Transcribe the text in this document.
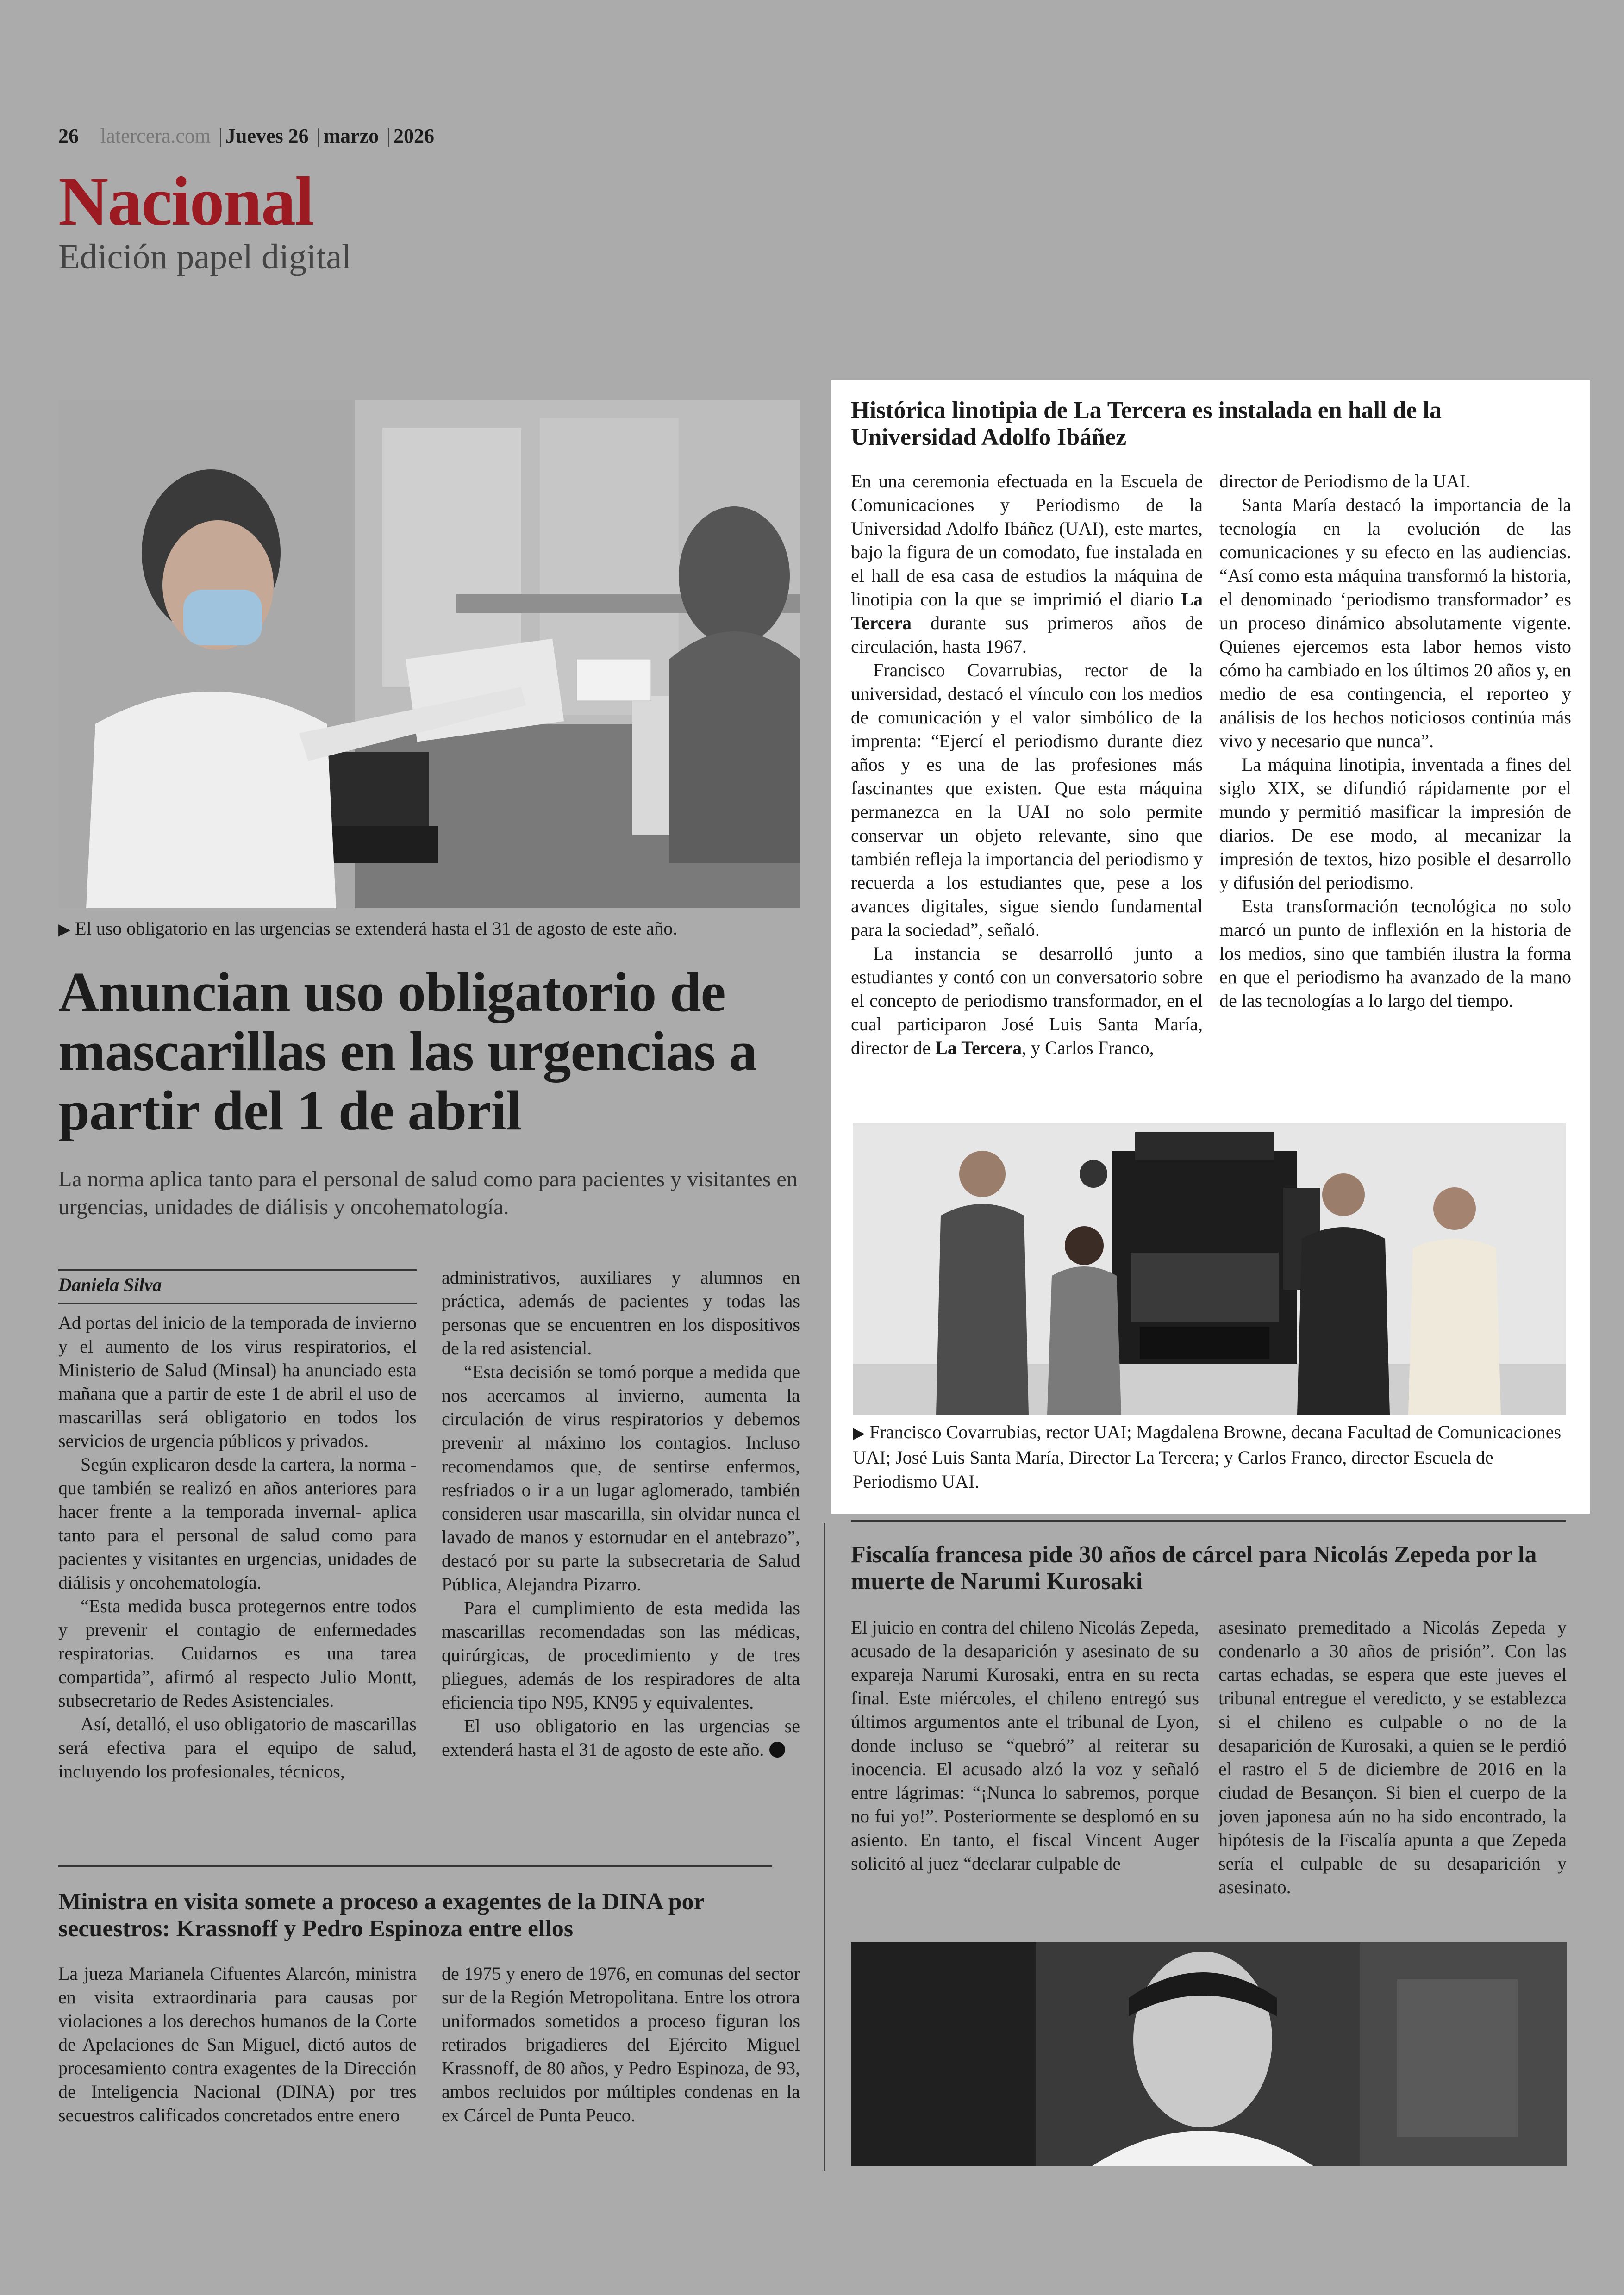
26 latercera.com | Jueves 26 | marzo | 2026
Nacional
Edición papel digital
▶ El uso obligatorio en las urgencias se extenderá hasta el 31 de agosto de este año.
Anuncian uso obligatorio de mascarillas en las urgencias a partir del 1 de abril
La norma aplica tanto para el personal de salud como para pacientes y visitantes en urgencias, unidades de diálisis y oncohematología.
Daniela Silva

Ad portas del inicio de la temporada de invierno y el aumento de los virus respiratorios, el Ministerio de Salud (Minsal) ha anunciado esta mañana que a partir de este 1 de abril el uso de mascarillas será obligatorio en todos los servicios de urgencia públicos y privados.

Según explicaron desde la cartera, la norma -que también se realizó en años anteriores para hacer frente a la temporada invernal- aplica tanto para el personal de salud como para pacientes y visitantes en urgencias, unidades de diálisis y oncohematología.

“Esta medida busca protegernos entre todos y prevenir el contagio de enfermedades respiratorias. Cuidarnos es una tarea compartida”, afirmó al respecto Julio Montt, subsecretario de Redes Asistenciales.

Así, detalló, el uso obligatorio de mascarillas será efectiva para el equipo de salud, incluyendo los profesionales, técnicos,

administrativos, auxiliares y alumnos en práctica, además de pacientes y todas las personas que se encuentren en los dispositivos de la red asistencial.

“Esta decisión se tomó porque a medida que nos acercamos al invierno, aumenta la circulación de virus respiratorios y debemos prevenir al máximo los contagios. Incluso recomendamos que, de sentirse enfermos, resfriados o ir a un lugar aglomerado, también consideren usar mascarilla, sin olvidar nunca el lavado de manos y estornudar en el antebrazo”, destacó por su parte la subsecretaria de Salud Pública, Alejandra Pizarro.

Para el cumplimiento de esta medida las mascarillas recomendadas son las médicas, quirúrgicas, de procedimiento y de tres pliegues, además de los respiradores de alta eficiencia tipo N95, KN95 y equivalentes.

El uso obligatorio en las urgencias se extenderá hasta el 31 de agosto de este año.

Ministra en visita somete a proceso a exagentes de la DINA por secuestros: Krassnoff y Pedro Espinoza entre ellos

La jueza Marianela Cifuentes Alarcón, ministra en visita extraordinaria para causas por violaciones a los derechos humanos de la Corte de Apelaciones de San Miguel, dictó autos de procesamiento contra exagentes de la Dirección de Inteligencia Nacional (DINA) por tres secuestros calificados concretados entre enero

de 1975 y enero de 1976, en comunas del sector sur de la Región Metropolitana. Entre los otrora uniformados sometidos a proceso figuran los retirados brigadieres del Ejército Miguel Krassnoff, de 80 años, y Pedro Espinoza, de 93, ambos recluidos por múltiples condenas en la ex Cárcel de Punta Peuco.

Histórica linotipia de La Tercera es instalada en hall de la Universidad Adolfo Ibáñez

En una ceremonia efectuada en la Escuela de Comunicaciones y Periodismo de la Universidad Adolfo Ibáñez (UAI), este martes, bajo la figura de un comodato, fue instalada en el hall de esa casa de estudios la máquina de linotipia con la que se imprimió el diario La Tercera durante sus primeros años de circulación, hasta 1967.

Francisco Covarrubias, rector de la universidad, destacó el vínculo con los medios de comunicación y el valor simbólico de la imprenta: “Ejercí el periodismo durante diez años y es una de las profesiones más fascinantes que existen. Que esta máquina permanezca en la UAI no solo permite conservar un objeto relevante, sino que también refleja la importancia del periodismo y recuerda a los estudiantes que, pese a los avances digitales, sigue siendo fundamental para la sociedad”, señaló.

La instancia se desarrolló junto a estudiantes y contó con un conversatorio sobre el concepto de periodismo transformador, en el cual participaron José Luis Santa María, director de La Tercera, y Carlos Franco,

director de Periodismo de la UAI.

Santa María destacó la importancia de la tecnología en la evolución de las comunicaciones y su efecto en las audiencias. “Así como esta máquina transformó la historia, el denominado ‘periodismo transformador’ es un proceso dinámico absolutamente vigente. Quienes ejercemos esta labor hemos visto cómo ha cambiado en los últimos 20 años y, en medio de esa contingencia, el reporteo y análisis de los hechos noticiosos continúa más vivo y necesario que nunca”.

La máquina linotipia, inventada a fines del siglo XIX, se difundió rápidamente por el mundo y permitió masificar la impresión de diarios. De ese modo, al mecanizar la impresión de textos, hizo posible el desarrollo y difusión del periodismo.

Esta transformación tecnológica no solo marcó un punto de inflexión en la historia de los medios, sino que también ilustra la forma en que el periodismo ha avanzado de la mano de las tecnologías a lo largo del tiempo.

▶ Francisco Covarrubias, rector UAI; Magdalena Browne, decana Facultad de Comunicaciones UAI; José Luis Santa María, Director La Tercera; y Carlos Franco, director Escuela de Periodismo UAI.
Fiscalía francesa pide 30 años de cárcel para Nicolás Zepeda por la muerte de Narumi Kurosaki

El juicio en contra del chileno Nicolás Zepeda, acusado de la desaparición y asesinato de su expareja Narumi Kurosaki, entra en su recta final. Este miércoles, el chileno entregó sus últimos argumentos ante el tribunal de Lyon, donde incluso se “quebró” al reiterar su inocencia. El acusado alzó la voz y señaló entre lágrimas: “¡Nunca lo sabremos, porque no fui yo!”. Posteriormente se desplomó en su asiento. En tanto, el fiscal Vincent Auger solicitó al juez “declarar culpable de

asesinato premeditado a Nicolás Zepeda y condenarlo a 30 años de prisión”. Con las cartas echadas, se espera que este jueves el tribunal entregue el veredicto, y se establezca si el chileno es culpable o no de la desaparición de Kurosaki, a quien se le perdió el rastro el 5 de diciembre de 2016 en la ciudad de Besançon. Si bien el cuerpo de la joven japonesa aún no ha sido encontrado, la hipótesis de la Fiscalía apunta a que Zepeda sería el culpable de su desaparición y asesinato.
